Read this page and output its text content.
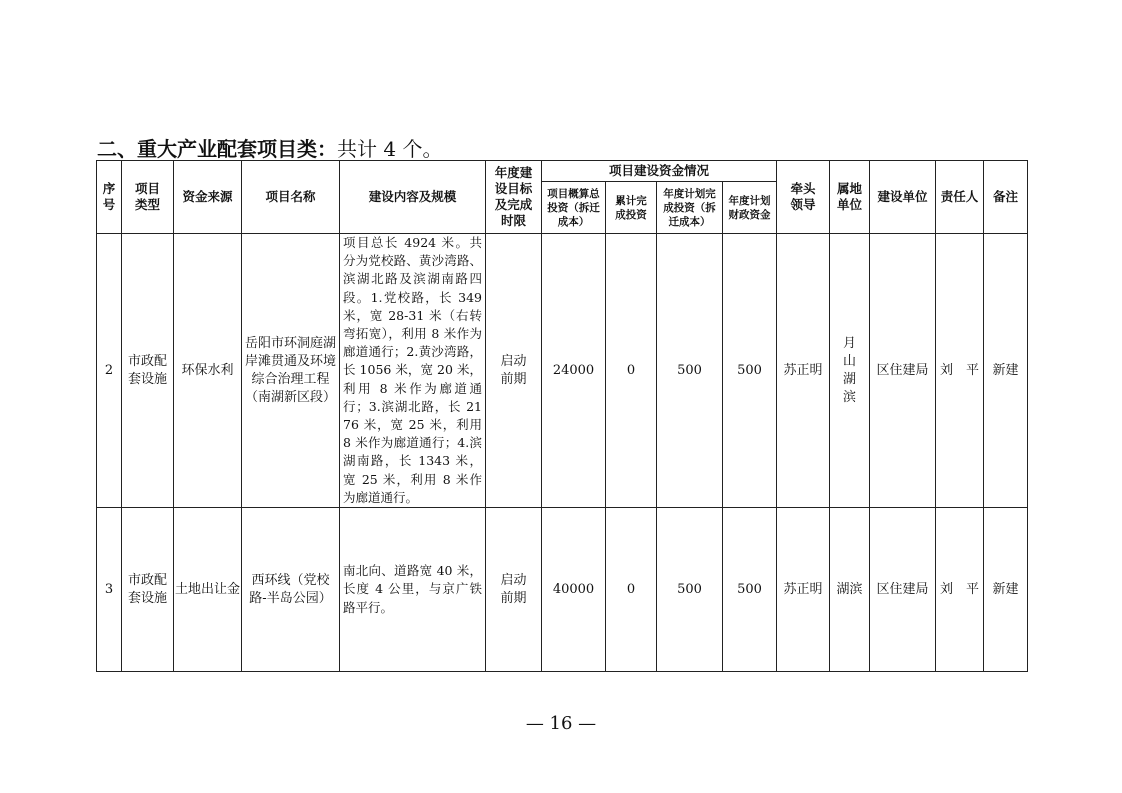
二、重大产业配套项目类：共计 4 个。
序号	项目类型	资金来源	项目名称	建设内容及规模	年度建设目标及完成时限	项目建设资金情况				牵头领导	属地单位	建设单位	责任人	备注
						项目概算总投资（拆迁成本）	累计完成投资	年度计划完成投资（拆迁成本）	年度计划财政资金					
2	市政配套设施	环保水利	岳阳市环洞庭湖岸滩贯通及环境综合治理工程（南湖新区段）	项目总长 4924 米。共分为党校路、黄沙湾路、滨湖北路及滨湖南路四段。1.党校路，长 349 米，宽 28-31 米（右转弯拓宽），利用 8 米作为廊道通行；2.黄沙湾路，长 1056 米，宽 20 米，利用 8 米作为廊道通行；3.滨湖北路，长 2176 米，宽 25 米，利用 8 米作为廊道通行；4.滨湖南路，长 1343 米，宽 25 米，利用 8 米作为廊道通行。	启动前期	24000	0	500	500	苏正明	月山湖滨	区住建局	刘　平	新建
3	市政配套设施	土地出让金	西环线（党校路-半岛公园）	南北向、道路宽 40 米，长度 4 公里，与京广铁路平行。	启动前期	40000	0	500	500	苏正明	湖滨	区住建局	刘　平	新建
— 16 —
